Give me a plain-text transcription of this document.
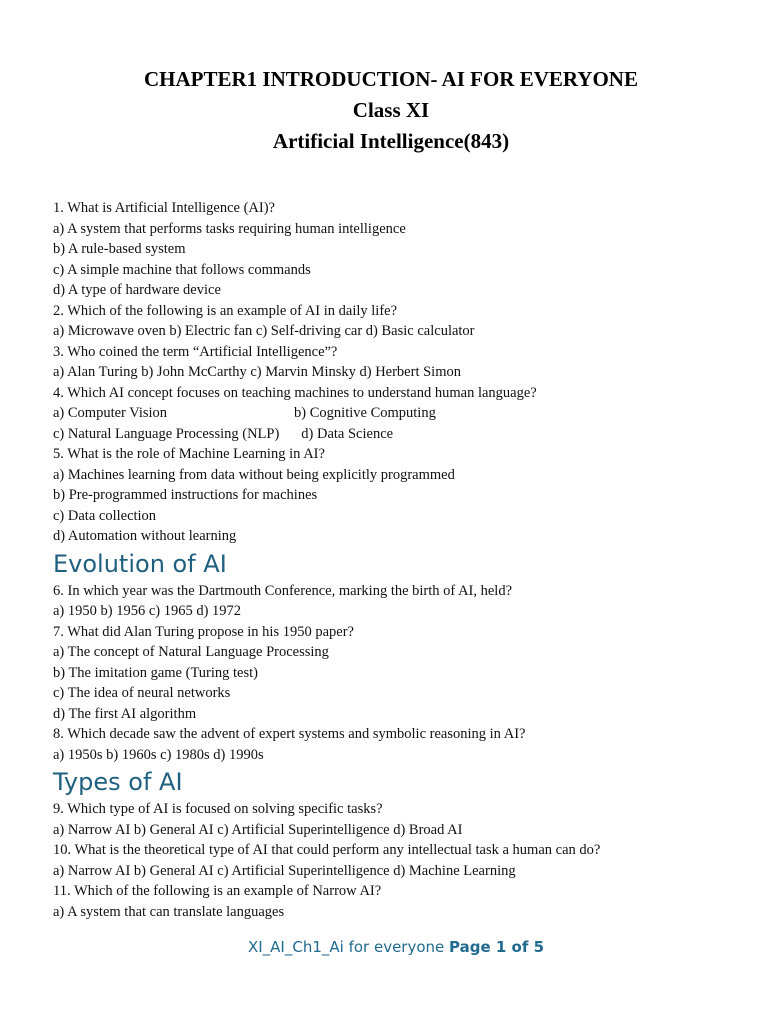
CHAPTER1 INTRODUCTION- AI FOR EVERYONE
Class XI
Artificial Intelligence(843)
1. What is Artificial Intelligence (AI)?
a) A system that performs tasks requiring human intelligence
b) A rule-based system
c) A simple machine that follows commands
d) A type of hardware device
2. Which of the following is an example of AI in daily life?
a) Microwave oven b) Electric fan c) Self-driving car d) Basic calculator
3. Who coined the term “Artificial Intelligence”?
a) Alan Turing b) John McCarthy c) Marvin Minsky d) Herbert Simon
4. Which AI concept focuses on teaching machines to understand human language?
a) Computer Vision	b) Cognitive Computing
c) Natural Language Processing (NLP) d) Data Science
5. What is the role of Machine Learning in AI?
a) Machines learning from data without being explicitly programmed
b) Pre-programmed instructions for machines
c) Data collection
d) Automation without learning
Evolution of AI
6. In which year was the Dartmouth Conference, marking the birth of AI, held?
a) 1950 b) 1956 c) 1965 d) 1972
7. What did Alan Turing propose in his 1950 paper?
a) The concept of Natural Language Processing
b) The imitation game (Turing test)
c) The idea of neural networks
d) The first AI algorithm
8. Which decade saw the advent of expert systems and symbolic reasoning in AI?
a) 1950s b) 1960s c) 1980s d) 1990s
Types of AI
9. Which type of AI is focused on solving specific tasks?
a) Narrow AI b) General AI c) Artificial Superintelligence d) Broad AI
10. What is the theoretical type of AI that could perform any intellectual task a human can do?
a) Narrow AI b) General AI c) Artificial Superintelligence d) Machine Learning
11. Which of the following is an example of Narrow AI?
a) A system that can translate languages
XI_AI_Ch1_Ai for everyone Page 1 of 5
